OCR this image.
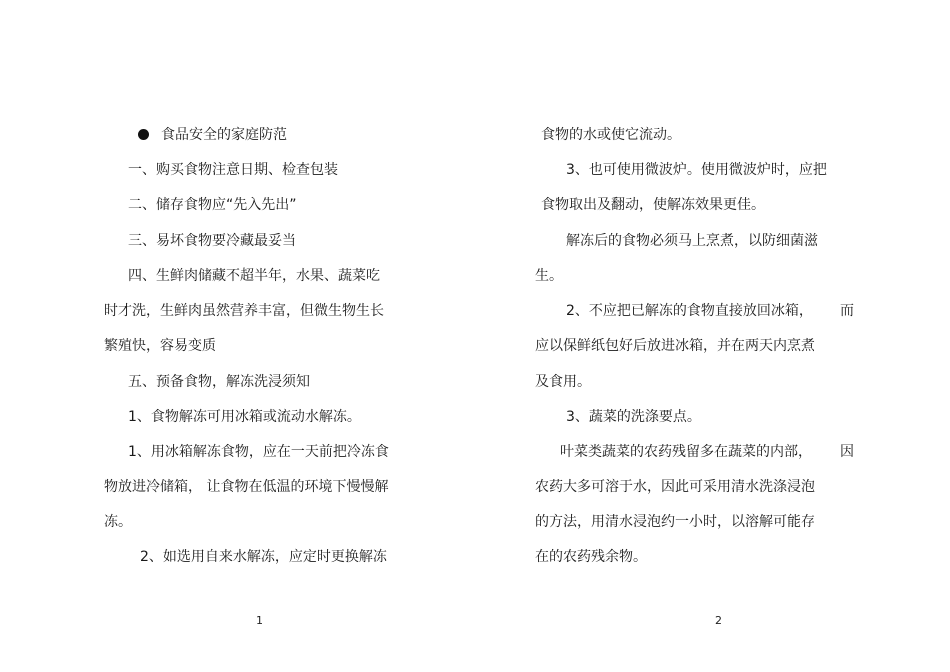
食品安全的家庭防范

一、购买食物注意日期、检查包装

二、储存食物应“先入先出”

三、易坏食物要冷藏最妥当

四、生鲜肉储藏不超半年，水果、蔬菜吃

时才洗，生鲜肉虽然营养丰富，但微生物生长

繁殖快，容易变质

五、预备食物，解冻洗浸须知

1、食物解冻可用冰箱或流动水解冻。

1、用冰箱解冻食物，应在一天前把冷冻食

物放进冷储箱， 让食物在低温的环境下慢慢解

冻。

2、如选用自来水解冻，应定时更换解冻

1

食物的水或使它流动。

3、也可使用微波炉。使用微波炉时，应把

食物取出及翻动，使解冻效果更佳。

解冻后的食物必须马上烹煮，以防细菌滋

生。

2、不应把已解冻的食物直接放回冰箱， 而

应以保鲜纸包好后放进冰箱，并在两天内烹煮

及食用。

3、蔬菜的洗涤要点。

叶菜类蔬菜的农药残留多在蔬菜的内部， 因

农药大多可溶于水，因此可采用清水洗涤浸泡

的方法，用清水浸泡约一小时，以溶解可能存

在的农药残余物。

2
